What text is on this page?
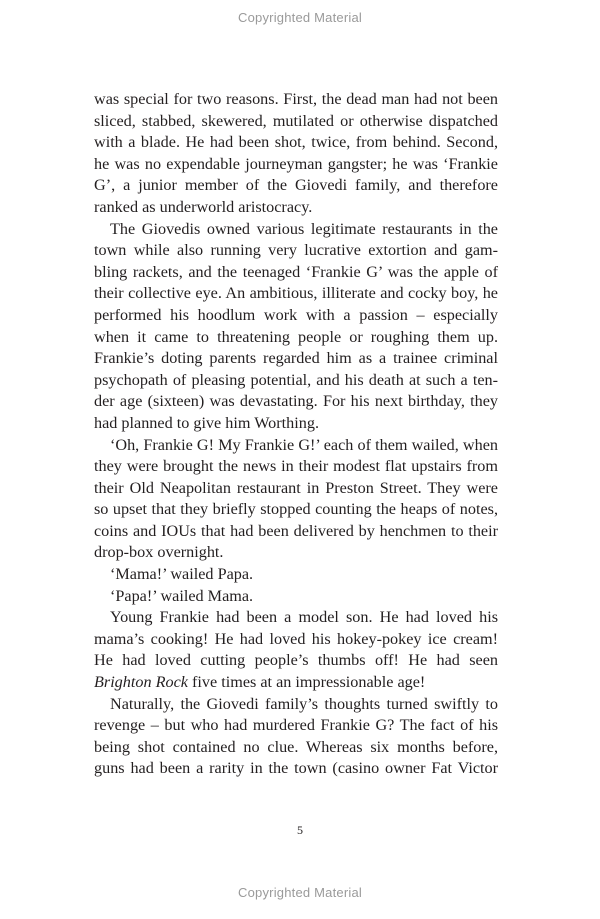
Copyrighted Material

was special for two reasons. First, the dead man had not been sliced, stabbed, skewered, mutilated or otherwise dispatched with a blade. He had been shot, twice, from behind. Second, he was no expendable journeyman gangster; he was ‘Frankie G’, a junior member of the Giovedi family, and therefore ranked as underworld aristocracy.

The Giovedis owned various legitimate restaurants in the town while also running very lucrative extortion and gambling rackets, and the teenaged ‘Frankie G’ was the apple of their collective eye. An ambitious, illiterate and cocky boy, he performed his hoodlum work with a passion – especially when it came to threatening people or roughing them up. Frankie’s doting parents regarded him as a trainee criminal psychopath of pleasing potential, and his death at such a tender age (sixteen) was devastating. For his next birthday, they had planned to give him Worthing.

‘Oh, Frankie G! My Frankie G!’ each of them wailed, when they were brought the news in their modest flat upstairs from their Old Neapolitan restaurant in Preston Street. They were so upset that they briefly stopped counting the heaps of notes, coins and IOUs that had been delivered by henchmen to their drop-box overnight.

‘Mama!’ wailed Papa.

‘Papa!’ wailed Mama.

Young Frankie had been a model son. He had loved his mama’s cooking! He had loved his hokey-pokey ice cream! He had loved cutting people’s thumbs off! He had seen Brighton Rock five times at an impressionable age!

Naturally, the Giovedi family’s thoughts turned swiftly to revenge – but who had murdered Frankie G? The fact of his being shot contained no clue. Whereas six months before, guns had been a rarity in the town (casino owner Fat Victor

5
Copyrighted Material
